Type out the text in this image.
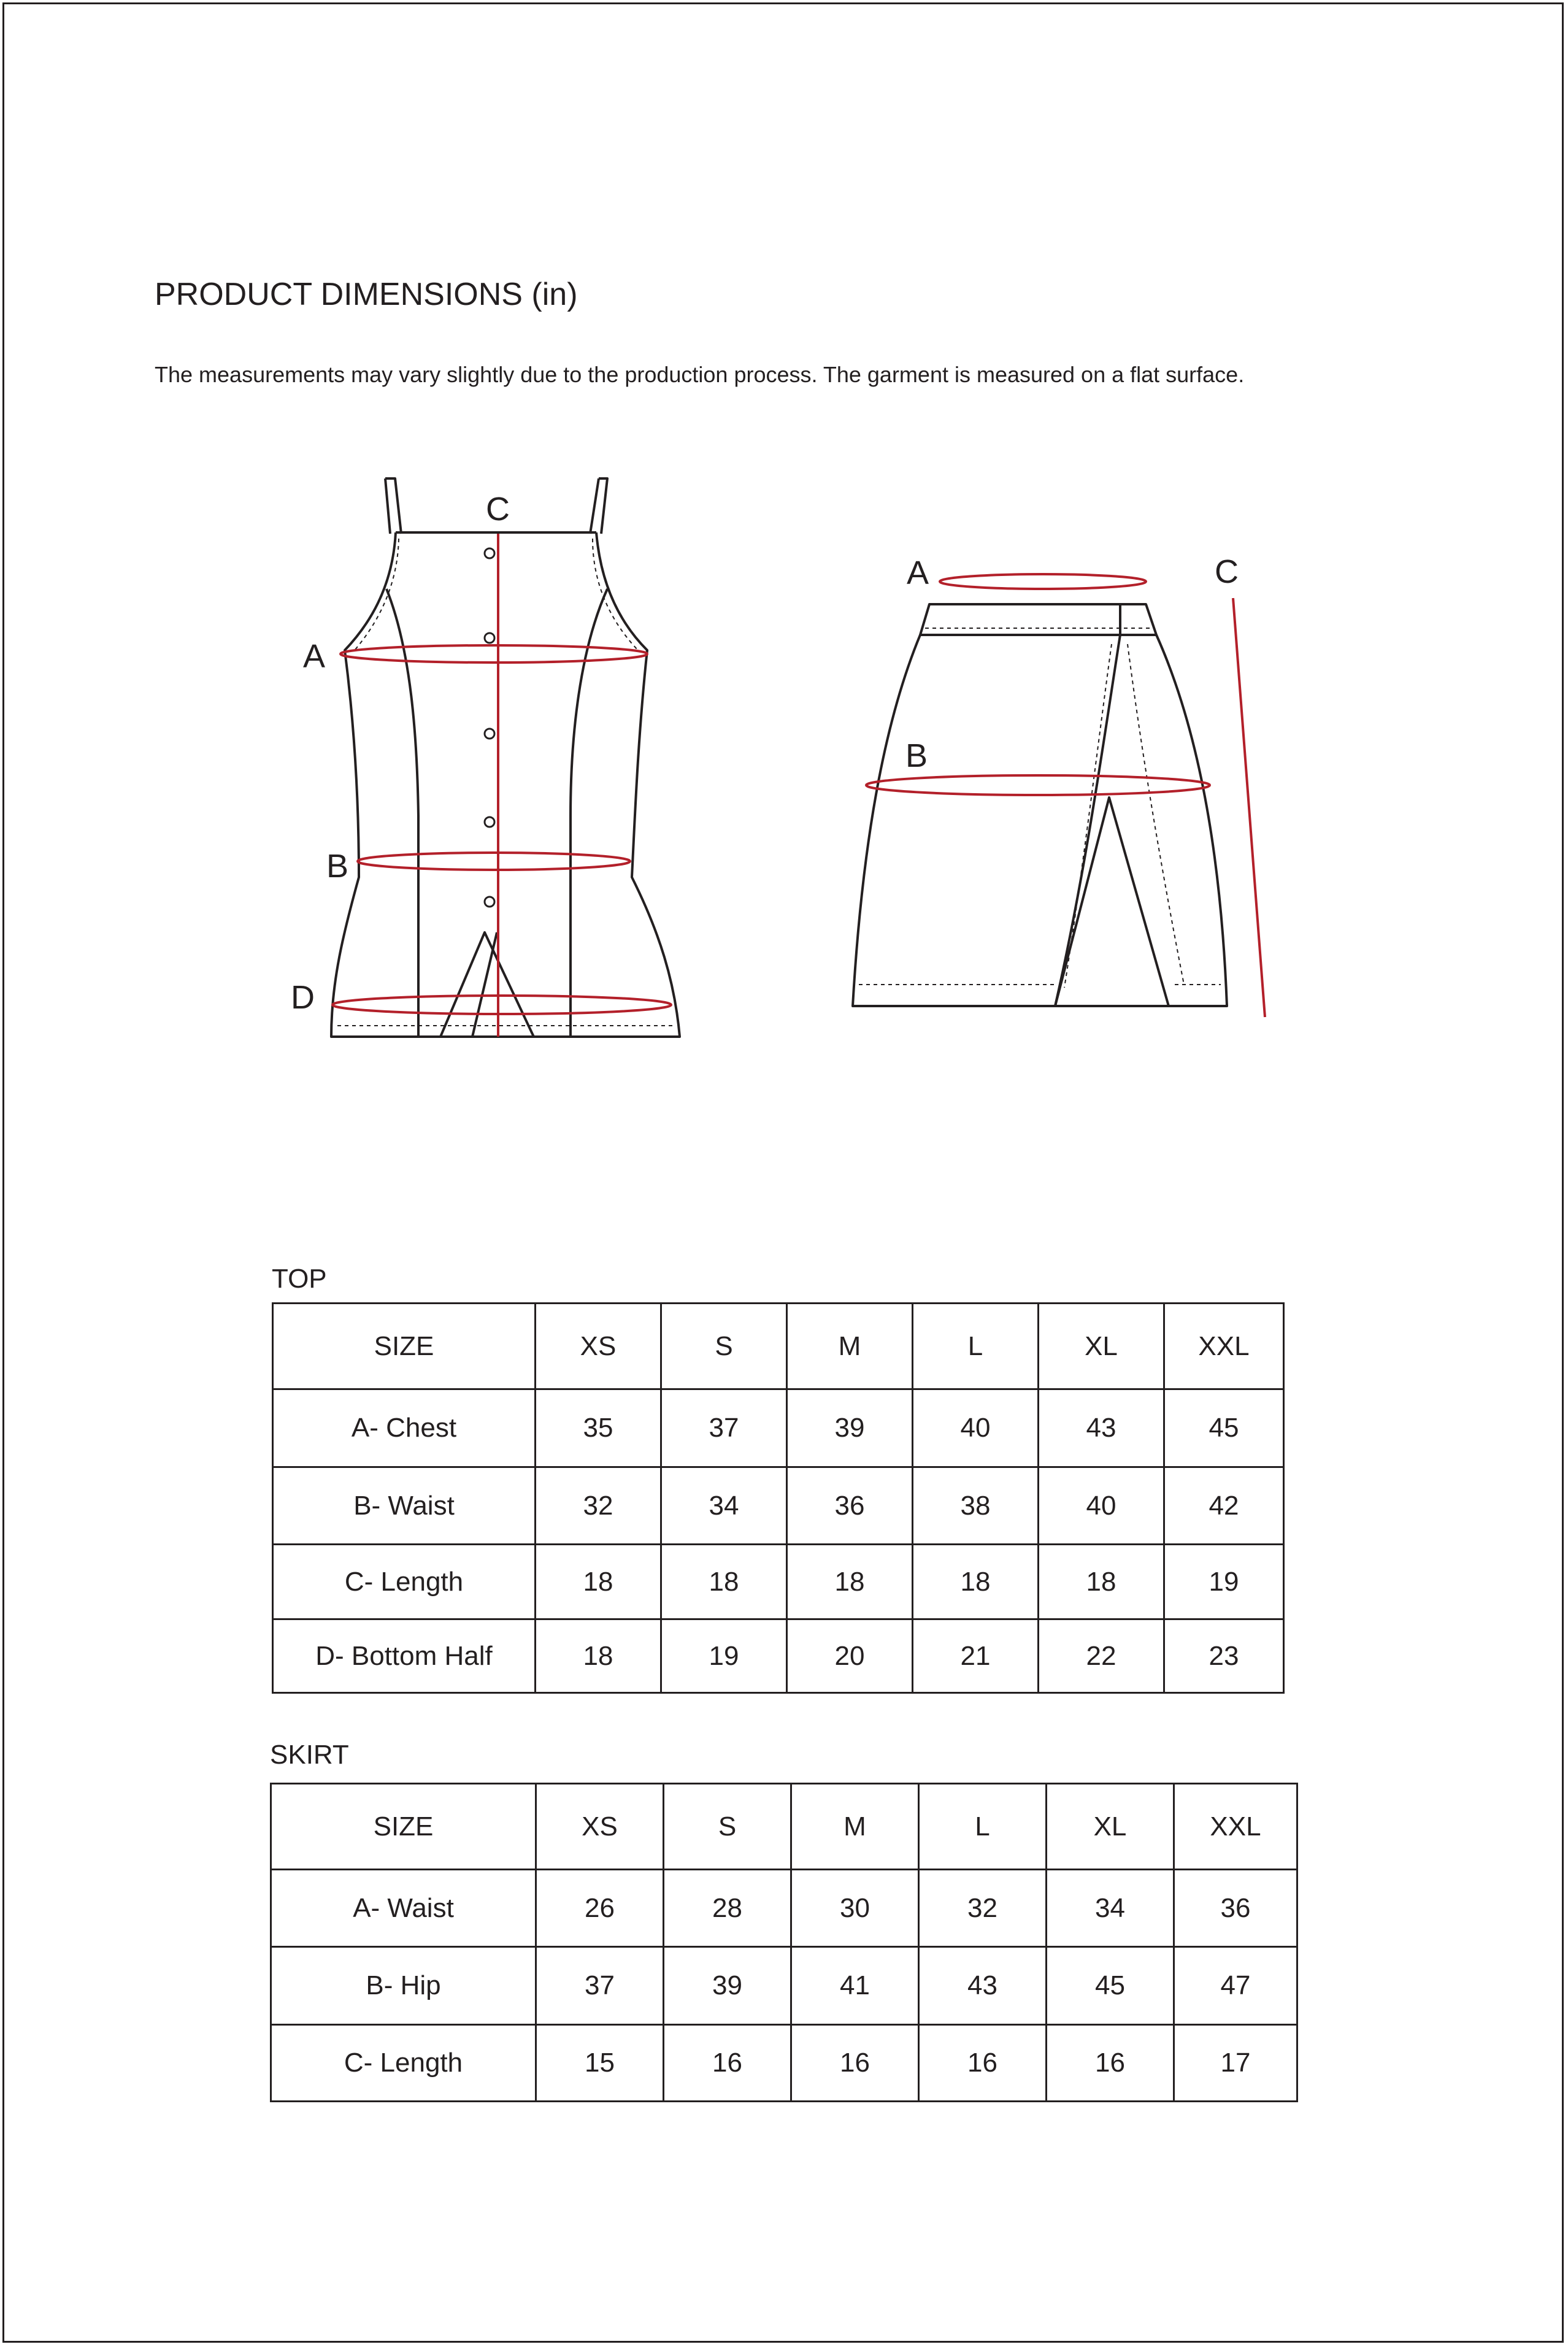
PRODUCT DIMENSIONS (in)
The measurements may vary slightly due to the production process. The garment is measured on a flat surface.
C
A
B
D
A
B
C
TOP
SIZE	XS	S	M	L	XL	XXL
A- Chest	35	37	39	40	43	45
B- Waist	32	34	36	38	40	42
C- Length	18	18	18	18	18	19
D- Bottom Half	18	19	20	21	22	23
SKIRT
SIZE	XS	S	M	L	XL	XXL
A- Waist	26	28	30	32	34	36
B- Hip	37	39	41	43	45	47
C- Length	15	16	16	16	16	17
